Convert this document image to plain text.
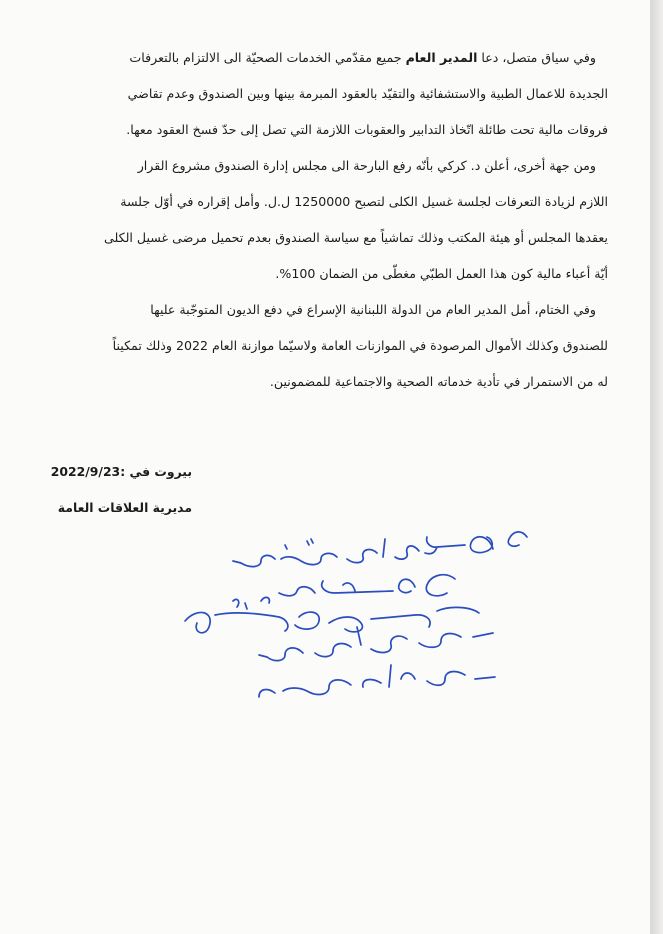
وفي سياق متصل، دعا المدير العام جميع مقدّمي الخدمات الصحيّة الى الالتزام بالتعرفات

الجديدة للاعمال الطبية والاستشفائية والتقيّد بالعقود المبرمة بينها وبين الصندوق وعدم تقاضي

فروقات مالية تحت طائلة اتّخاذ التدابير والعقوبات اللازمة التي تصل إلى حدّ فسخ العقود معها.

ومن جهة أخرى، أعلن د. كركي بأنّه رفع البارحة الى مجلس إدارة الصندوق مشروع القرار

اللازم لزيادة التعرفات لجلسة غسيل الكلى لتصبح 1250000 ل.ل. وأمل إقراره في أوّل جلسة

يعقدها المجلس أو هيئة المكتب وذلك تماشياً مع سياسة الصندوق بعدم تحميل مرضى غسيل الكلى

أيّة أعباء مالية كون هذا العمل الطبّي مغطّى من الضمان 100%.

وفي الختام، أمل المدير العام من الدولة اللبنانية الإسراع في دفع الديون المتوجّبة عليها

للصندوق وكذلك الأموال المرصودة في الموازنات العامة ولاسيّما موازنة العام 2022 وذلك تمكيناً

له من الاستمرار في تأدية خدماته الصحية والاجتماعية للمضمونين.

بيروت في :2022/9/23
مديرية العلاقات العامة
